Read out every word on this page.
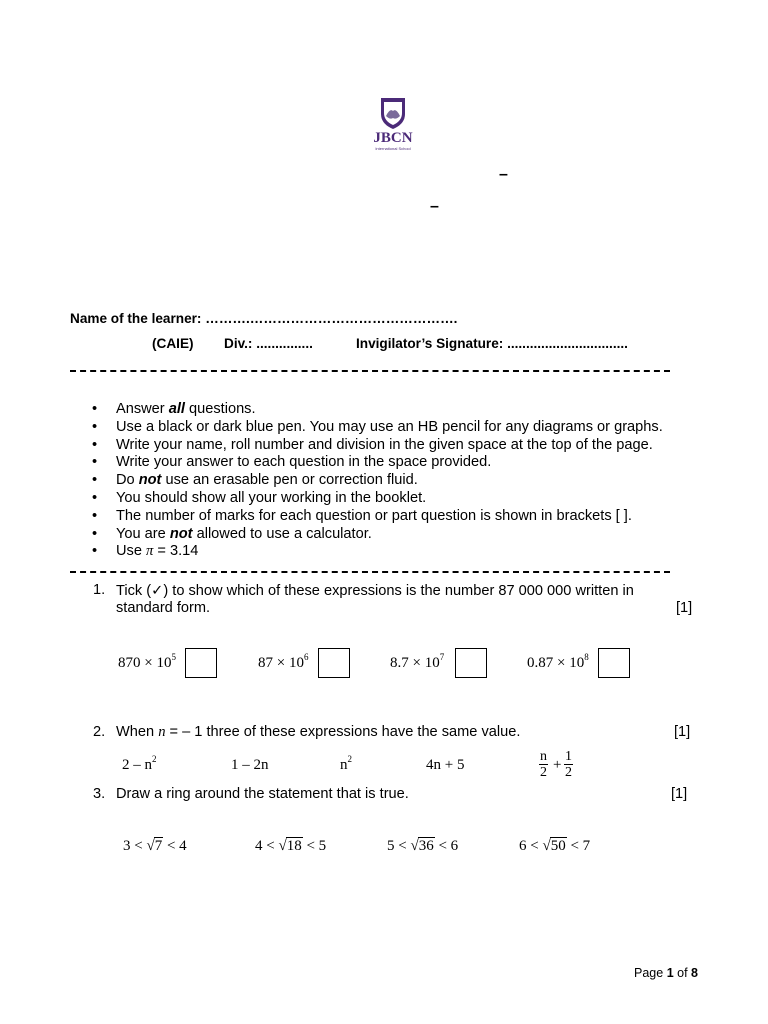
JBCN
International School
–
–
Name of the learner: ……….……………………………………….
(CAIE) Div.: ...............	Invigilator’s Signature: ................................
• Answer all questions.
• Use a black or dark blue pen. You may use an HB pencil for any diagrams or graphs.
• Write your name, roll number and division in the given space at the top of the page.
• Write your answer to each question in the space provided.
• Do not use an erasable pen or correction fluid.
• You should show all your working in the booklet.
• The number of marks for each question or part question is shown in brackets [ ].
• You are not allowed to use a calculator.
• Use π = 3.14
1. Tick (✓) to show which of these expressions is the number 87 000 000 written in
standard form.	[1]
$870 \times 10^5$	$87 \times 10^6$	$8.7 \times 10^7$	$0.87 \times 10^8$
2. When n = – 1 three of these expressions have the same value.	[1]
$2 - n^2$	1 – 2n	$n^2$	4n + 5	$\frac{n}{2} + \frac{1}{2}$
3. Draw a ring around the statement that is true.	[1]
3 < √7 < 4	4 < √18 < 5	5 < √36 < 6	6 < √50 < 7
Page 1 of 8
